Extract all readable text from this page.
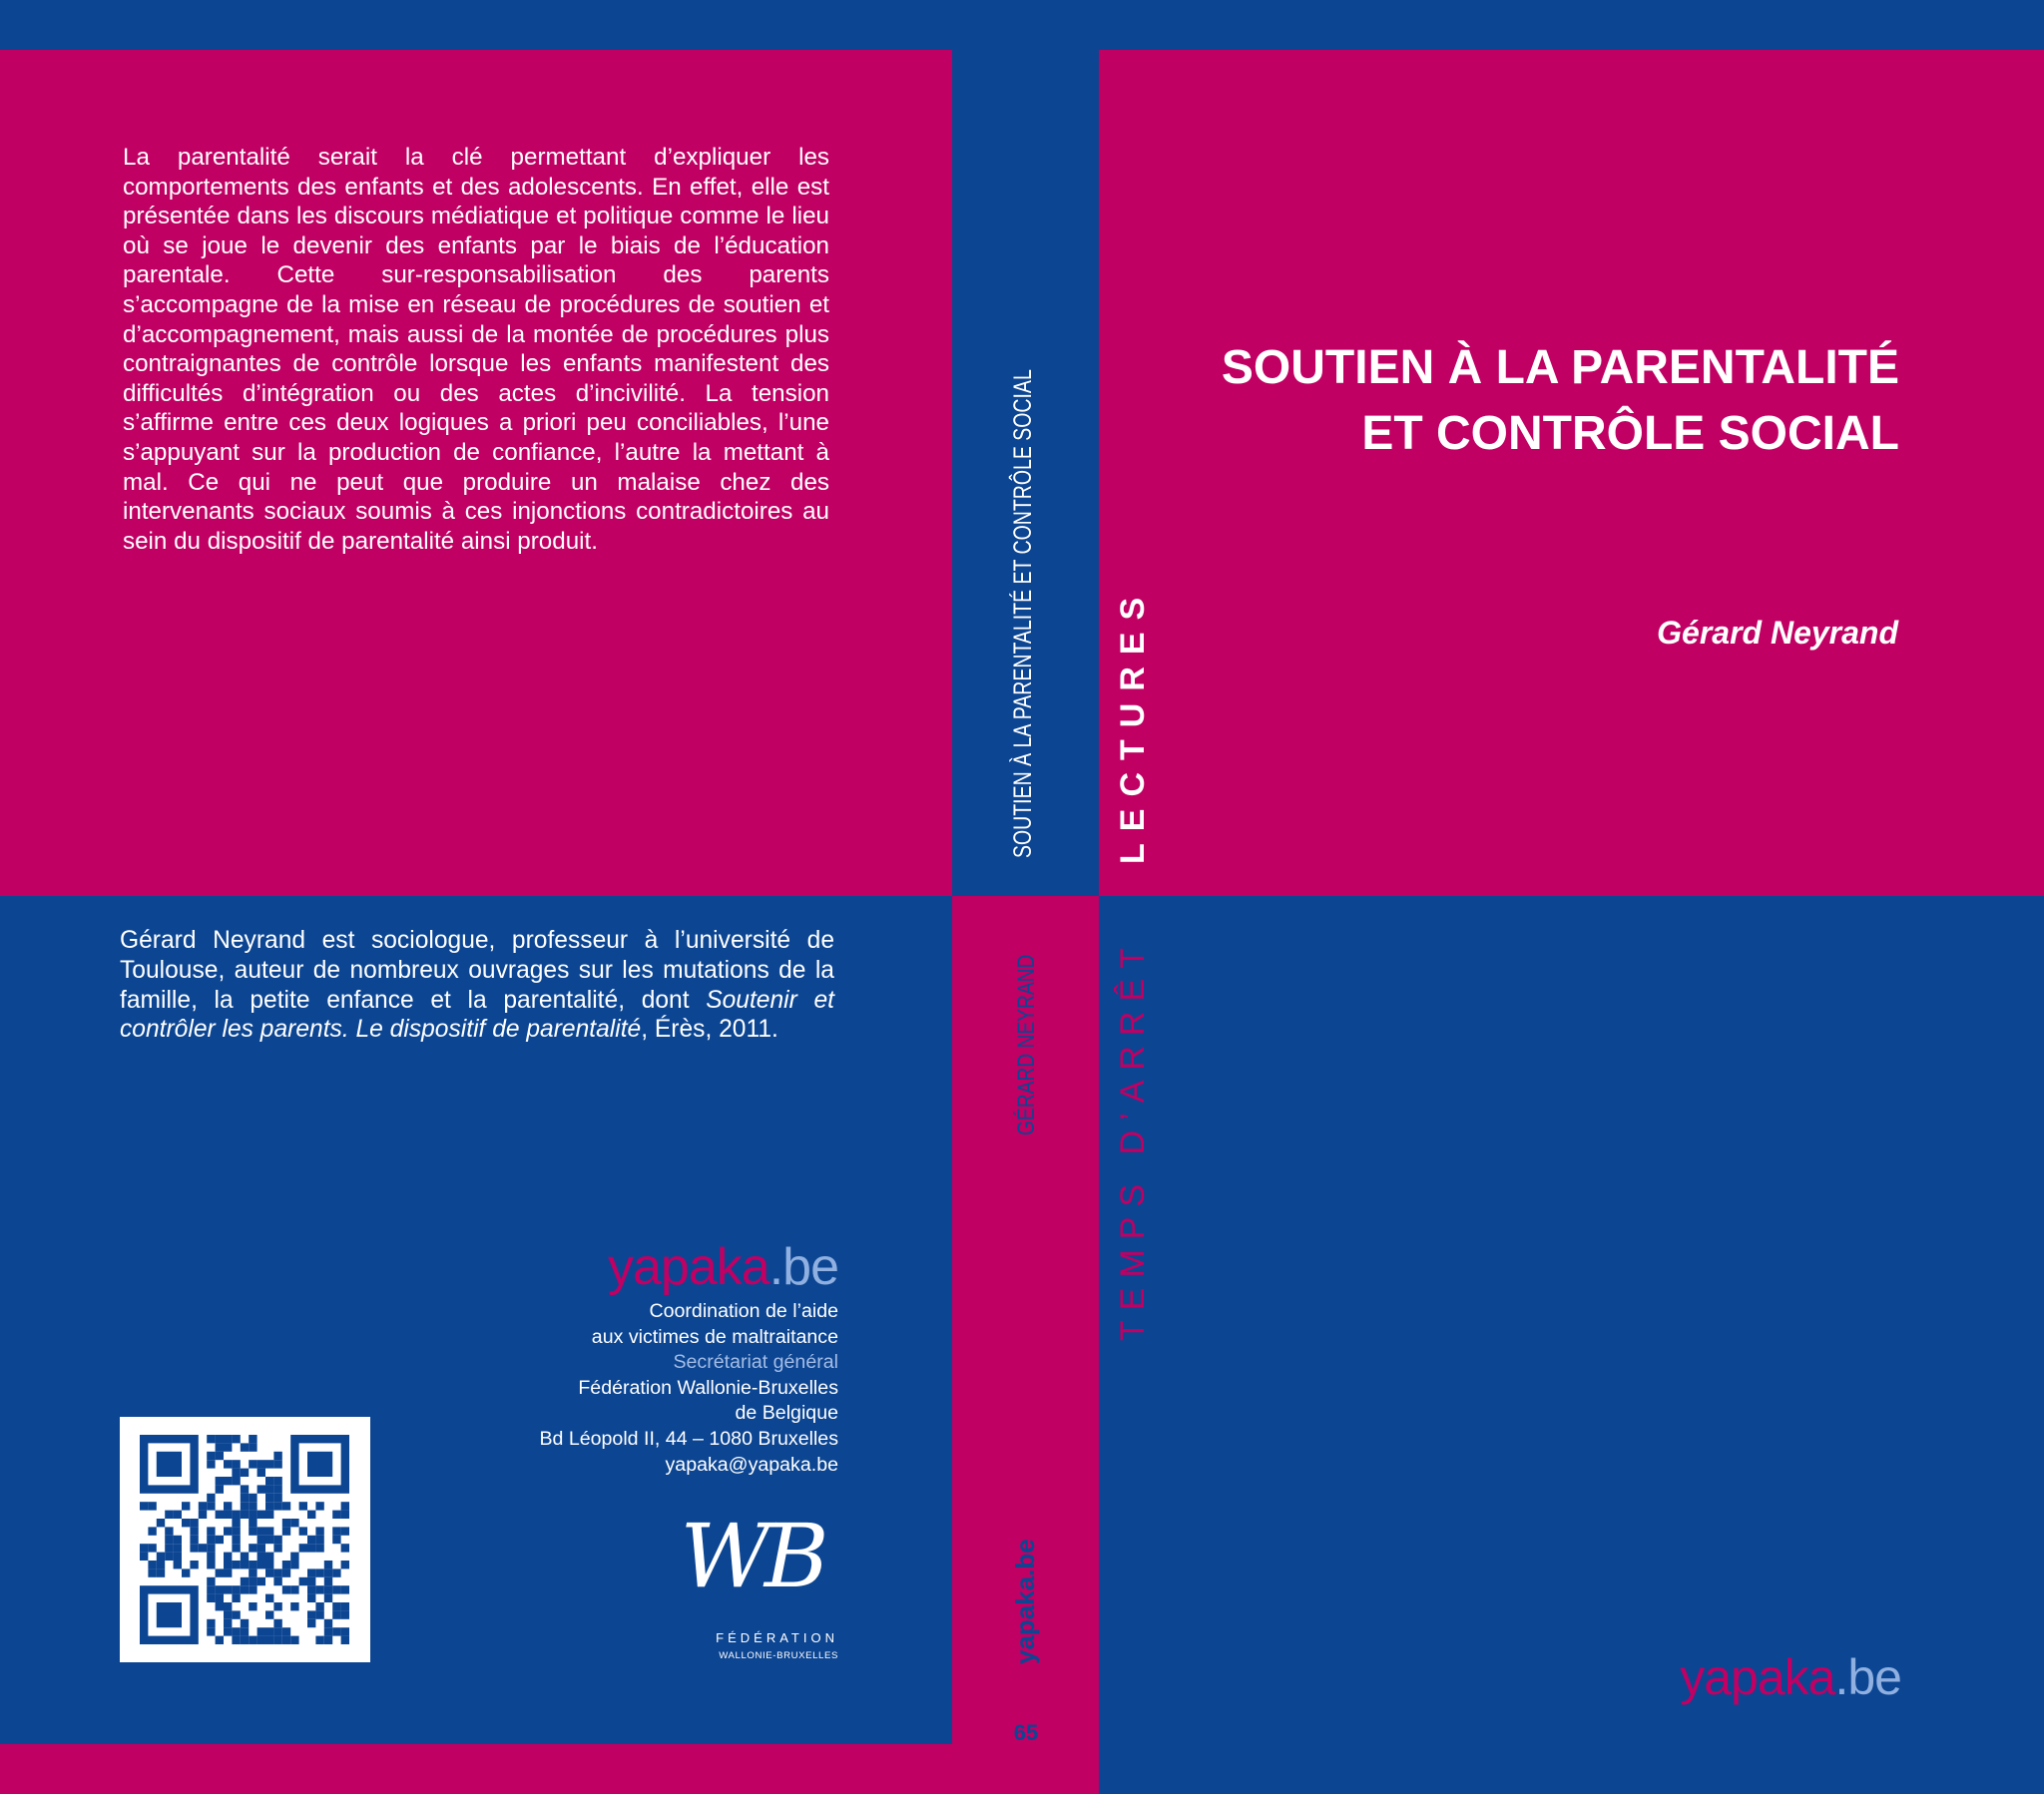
La parentalité serait la clé permettant d’expliquer les comportements des enfants et des adolescents. En effet, elle est présentée dans les discours médiatique et politique comme le lieu où se joue le devenir des enfants par le biais de l’éducation parentale. Cette sur-responsabilisation des parents s’accompagne de la mise en réseau de procédures de soutien et d’accompagnement, mais aussi de la montée de procédures plus contraignantes de contrôle lorsque les enfants manifestent des difficultés d’intégration ou des actes d’incivilité. La tension s’affirme entre ces deux logiques a priori peu conciliables, l’une s’appuyant sur la production de confiance, l’autre la mettant à mal. Ce qui ne peut que produire un malaise chez des intervenants sociaux soumis à ces injonctions contradictoires au sein du dispositif de parentalité ainsi produit.

Gérard Neyrand est sociologue, professeur à l’université de Toulouse, auteur de nombreux ouvrages sur les mutations de la famille, la petite enfance et la parentalité, dont Soutenir et contrôler les parents. Le dispositif de parentalité, Érès, 2011.

yapaka.be
Coordination de l’aide
aux victimes de maltraitance
Secrétariat général
Fédération Wallonie-Bruxelles
de Belgique
Bd Léopold II, 44 – 1080 Bruxelles
yapaka@yapaka.be
WB
FÉDÉRATION
WALLONIE-BRUXELLES
SOUTIEN À LA PARENTALITÉ ET CONTRÔLE SOCIAL
GÉRARD NEYRAND
yapaka.be
65
LECTURES
TEMPS D’ARRÊT
SOUTIEN À LA PARENTALITÉ
ET CONTRÔLE SOCIAL

Gérard Neyrand

yapaka.be
